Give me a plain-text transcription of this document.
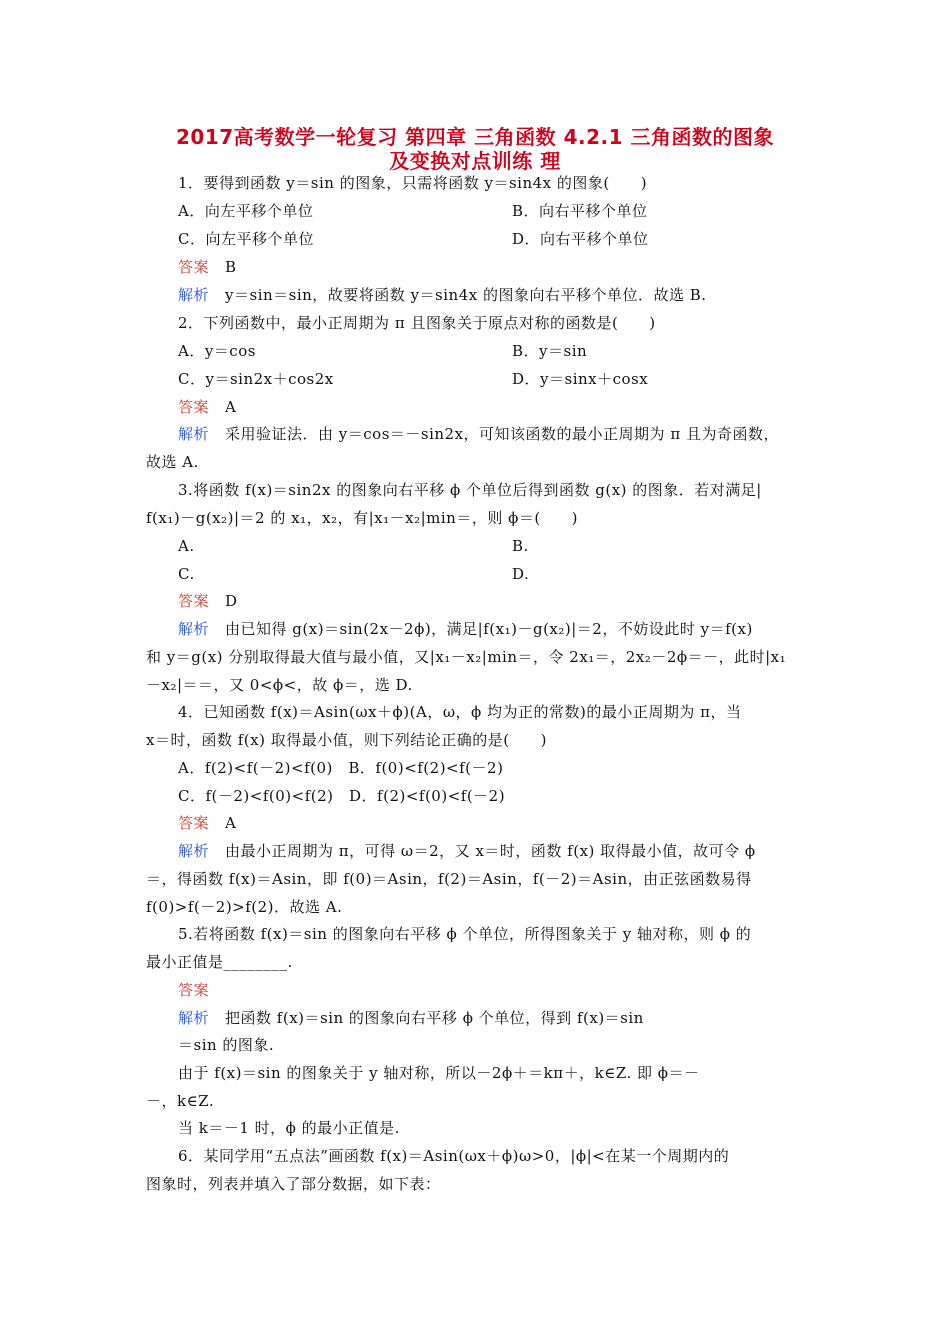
2017高考数学一轮复习 第四章 三角函数 4.2.1 三角函数的图象
及变换对点训练 理
1．要得到函数 y＝sin 的图象，只需将函数 y＝sin4x 的图象(　　)
A．向左平移个单位	B．向右平移个单位
C．向左平移个单位	D．向右平移个单位
答案 B
解析 y＝sin＝sin，故要将函数 y＝sin4x 的图象向右平移个单位．故选 B.
2．下列函数中，最小正周期为 π 且图象关于原点对称的函数是(　　)
A．y＝cos	B．y＝sin
C．y＝sin2x＋cos2x	D．y＝sinx＋cosx
答案 A
解析 采用验证法．由 y＝cos＝－sin2x，可知该函数的最小正周期为 π 且为奇函数，
故选 A.
3.将函数 f(x)＝sin2x 的图象向右平移 ϕ 个单位后得到函数 g(x) 的图象．若对满足|
f(x₁)－g(x₂)|＝2 的 x₁，x₂，有|x₁－x₂|min＝，则 ϕ＝(　　)
A.	B.
C.	D.
答案 D
解析 由已知得 g(x)＝sin(2x－2ϕ)，满足|f(x₁)－g(x₂)|＝2，不妨设此时 y＝f(x)
和 y＝g(x) 分别取得最大值与最小值，又|x₁－x₂|min＝，令 2x₁＝，2x₂－2ϕ＝－，此时|x₁
－x₂|＝＝，又 0<ϕ<，故 ϕ＝，选 D.
4．已知函数 f(x)＝Asin(ωx＋ϕ)(A，ω，ϕ 均为正的常数)的最小正周期为 π，当
x＝时，函数 f(x) 取得最小值，则下列结论正确的是(　　)
A．f(2)<f(－2)<f(0)　B．f(0)<f(2)<f(－2)
C．f(－2)<f(0)<f(2)　D．f(2)<f(0)<f(－2)
答案 A
解析 由最小正周期为 π，可得 ω＝2，又 x＝时，函数 f(x) 取得最小值，故可令 ϕ
＝，得函数 f(x)＝Asin，即 f(0)＝Asin，f(2)＝Asin，f(－2)＝Asin，由正弦函数易得
f(0)>f(－2)>f(2)．故选 A.
5.若将函数 f(x)＝sin 的图象向右平移 ϕ 个单位，所得图象关于 y 轴对称，则 ϕ 的
最小正值是________.
答案
解析 把函数 f(x)＝sin 的图象向右平移 ϕ 个单位，得到 f(x)＝sin
＝sin 的图象.
由于 f(x)＝sin 的图象关于 y 轴对称，所以－2ϕ＋＝kπ＋，k∈Z. 即 ϕ＝－
－，k∈Z.
当 k＝－1 时，ϕ 的最小正值是.
6．某同学用“五点法”画函数 f(x)＝Asin(ωx＋ϕ)ω>0，|ϕ|<在某一个周期内的
图象时，列表并填入了部分数据，如下表：
